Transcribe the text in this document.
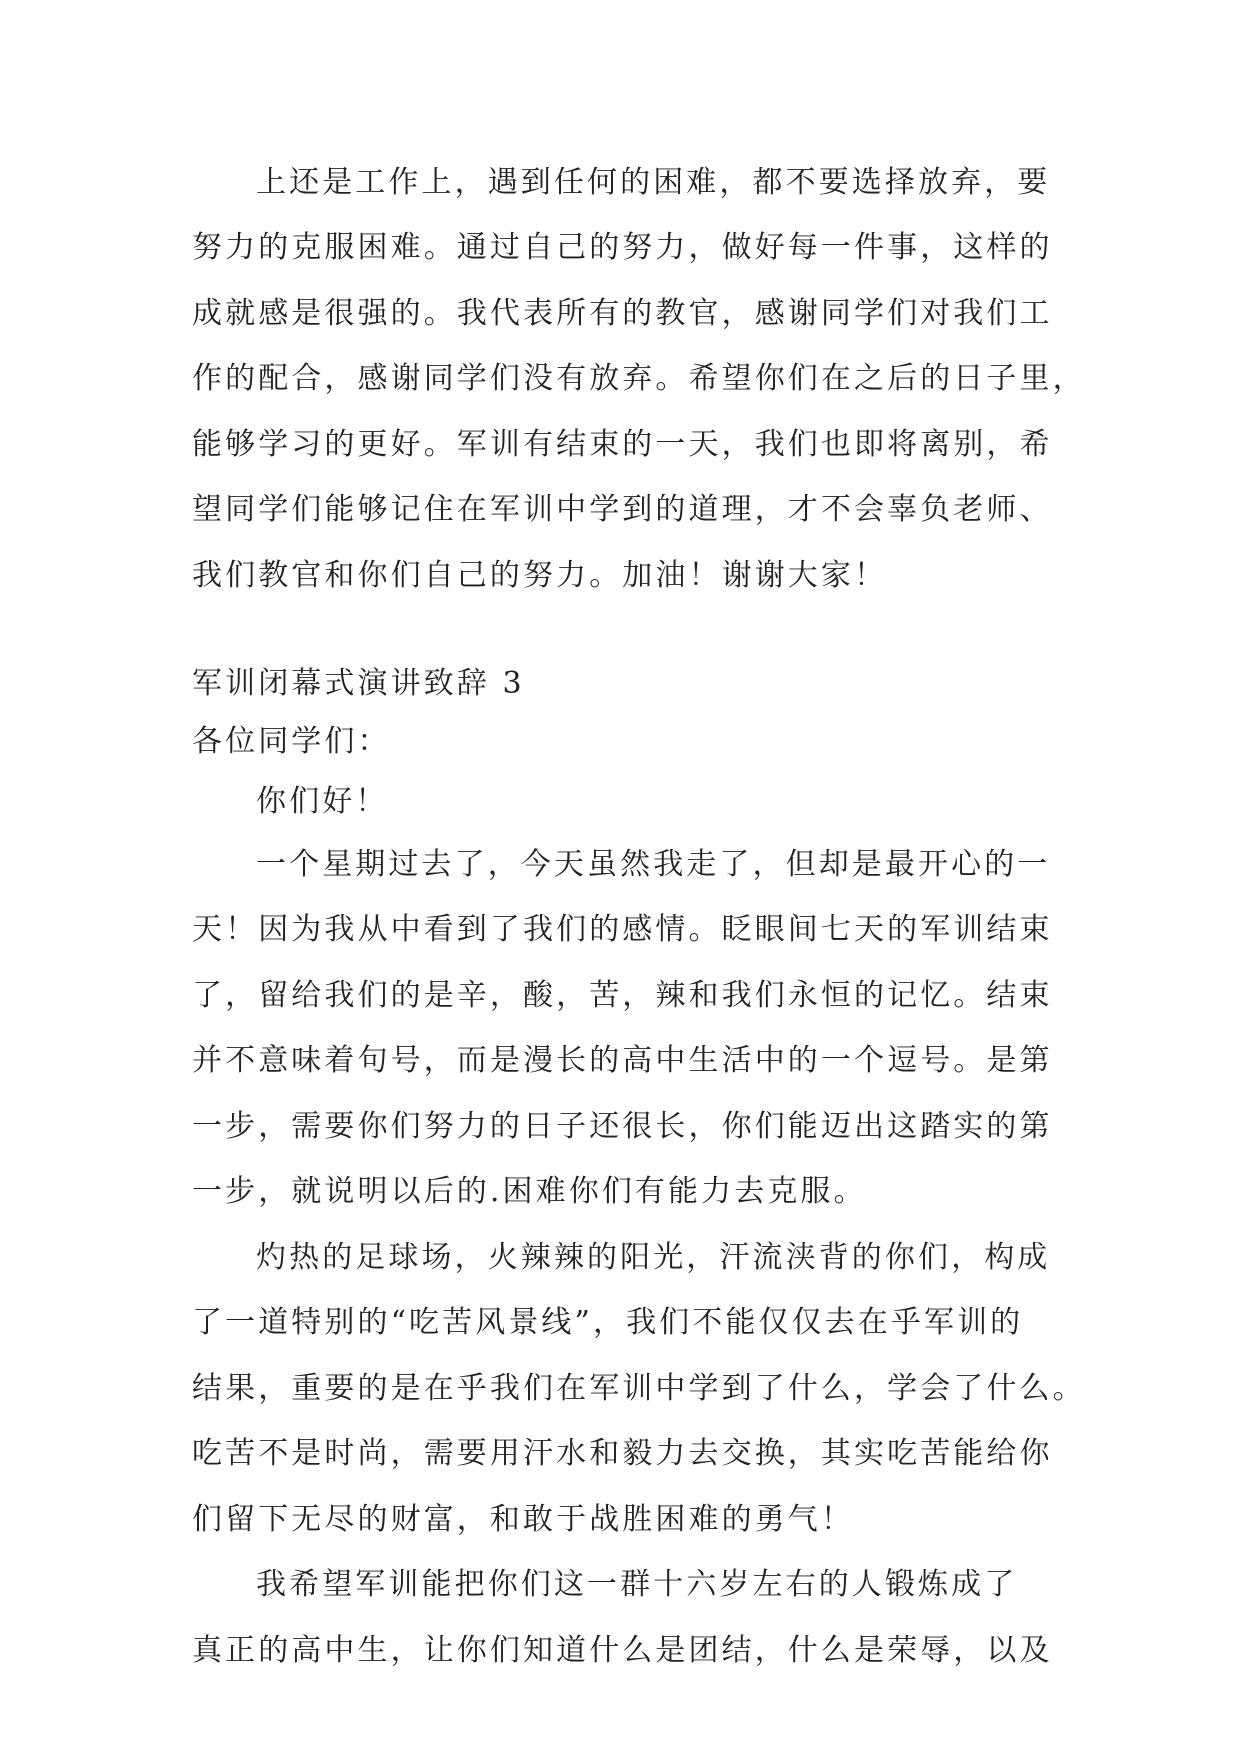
上还是工作上，遇到任何的困难，都不要选择放弃，要
努力的克服困难。通过自己的努力，做好每一件事，这样的
成就感是很强的。我代表所有的教官，感谢同学们对我们工
作的配合，感谢同学们没有放弃。希望你们在之后的日子里，
能够学习的更好。军训有结束的一天，我们也即将离别，希
望同学们能够记住在军训中学到的道理，才不会辜负老师、
我们教官和你们自己的努力。加油！谢谢大家！
军训闭幕式演讲致辞 3
各位同学们：
你们好！
一个星期过去了，今天虽然我走了，但却是最开心的一
天！因为我从中看到了我们的感情。眨眼间七天的军训结束
了，留给我们的是辛，酸，苦，辣和我们永恒的记忆。结束
并不意味着句号，而是漫长的高中生活中的一个逗号。是第
一步，需要你们努力的日子还很长，你们能迈出这踏实的第
一步，就说明以后的.困难你们有能力去克服。
灼热的足球场，火辣辣的阳光，汗流浃背的你们，构成
了一道特别的“吃苦风景线”，我们不能仅仅去在乎军训的
结果，重要的是在乎我们在军训中学到了什么，学会了什么。
吃苦不是时尚，需要用汗水和毅力去交换，其实吃苦能给你
们留下无尽的财富，和敢于战胜困难的勇气！
我希望军训能把你们这一群十六岁左右的人锻炼成了
真正的高中生，让你们知道什么是团结，什么是荣辱，以及
